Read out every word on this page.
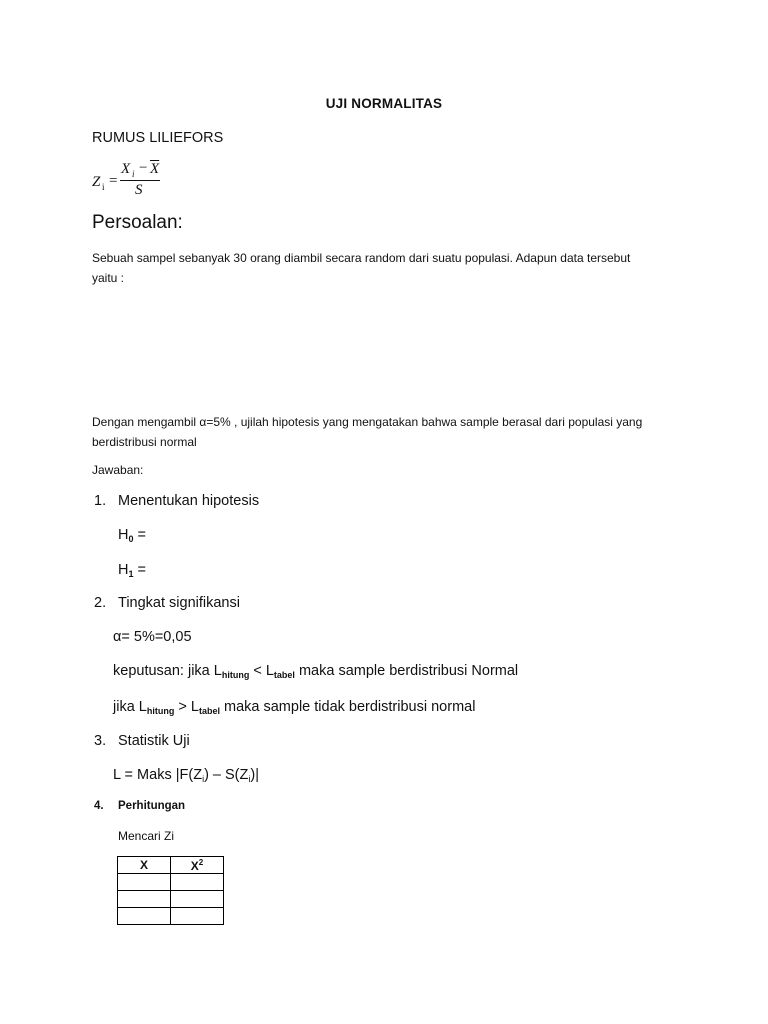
UJI NORMALITAS
RUMUS LILIEFORS
Z i =
X $i - \overline{X}$
S
Persoalan:
Sebuah sampel sebanyak 30 orang diambil secara random dari suatu populasi. Adapun data tersebut
yaitu :
Dengan mengambil α=5% , ujilah hipotesis yang mengatakan bahwa sample berasal dari populasi yang
berdistribusi normal
Jawaban:
1. Menentukan hipotesis
$H_0$ =
$H_1$ =
2. Tingkat signifikansi
α= 5%=0,05
keputusan: jika $L_{hitung} < L_{tabel}$ maka sample berdistribusi Normal
jika $L_{hitung} > L_{tabel}$ maka sample tidak berdistribusi normal
3. Statistik Uji
L = Maks $|F(Z_i) - S(Z_i)|$
4. Perhitungan
Mencari Zi
X	$X^2$
